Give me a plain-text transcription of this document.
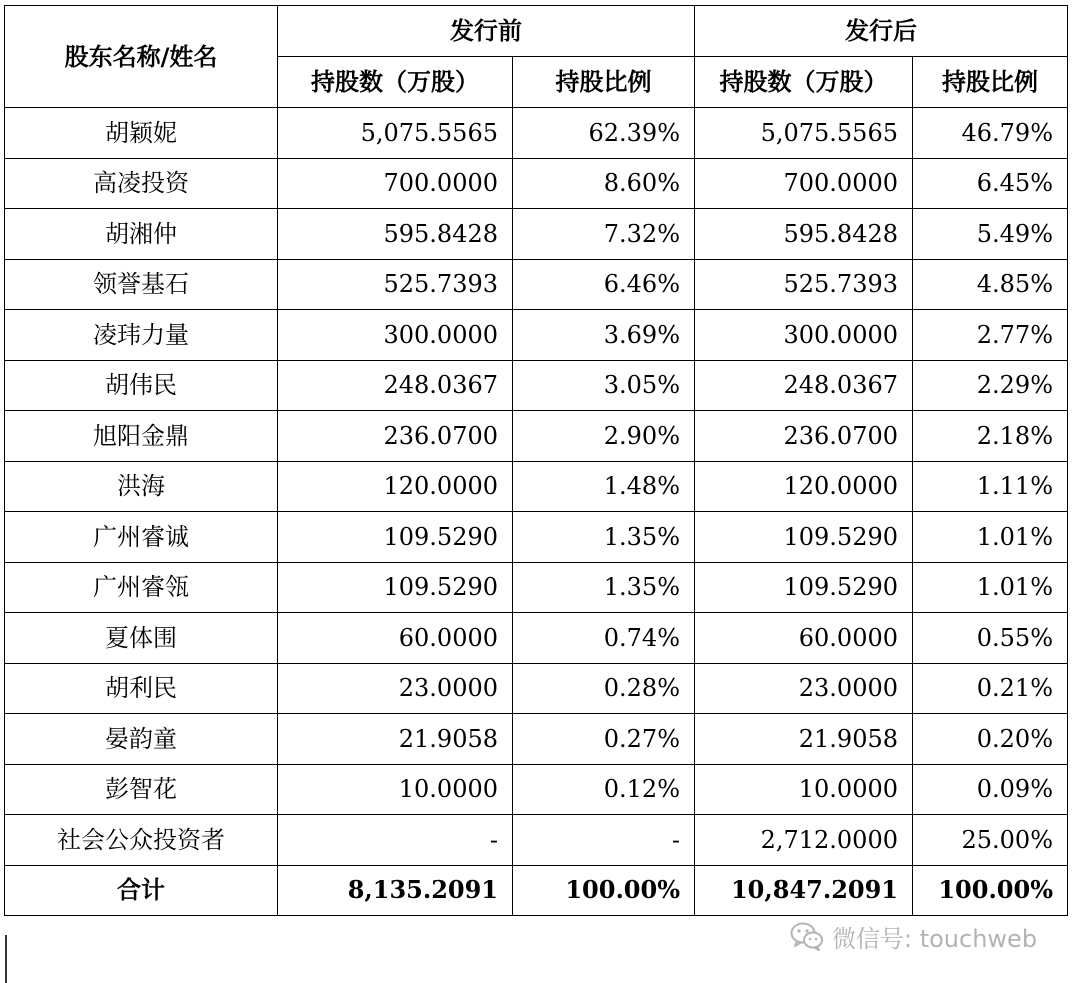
股东名称/姓名	发行前		发行后	
	持股数（万股）	持股比例	持股数（万股）	持股比例
胡颖妮	5,075.5565	62.39%	5,075.5565	46.79%
高凌投资	700.0000	8.60%	700.0000	6.45%
胡湘仲	595.8428	7.32%	595.8428	5.49%
领誉基石	525.7393	6.46%	525.7393	4.85%
凌玮力量	300.0000	3.69%	300.0000	2.77%
胡伟民	248.0367	3.05%	248.0367	2.29%
旭阳金鼎	236.0700	2.90%	236.0700	2.18%
洪海	120.0000	1.48%	120.0000	1.11%
广州睿诚	109.5290	1.35%	109.5290	1.01%
广州睿瓴	109.5290	1.35%	109.5290	1.01%
夏体围	60.0000	0.74%	60.0000	0.55%
胡利民	23.0000	0.28%	23.0000	0.21%
晏韵童	21.9058	0.27%	21.9058	0.20%
彭智花	10.0000	0.12%	10.0000	0.09%
社会公众投资者	-	-	2,712.0000	25.00%
合计	8,135.2091	100.00%	10,847.2091	100.00%
微信号: touchweb
